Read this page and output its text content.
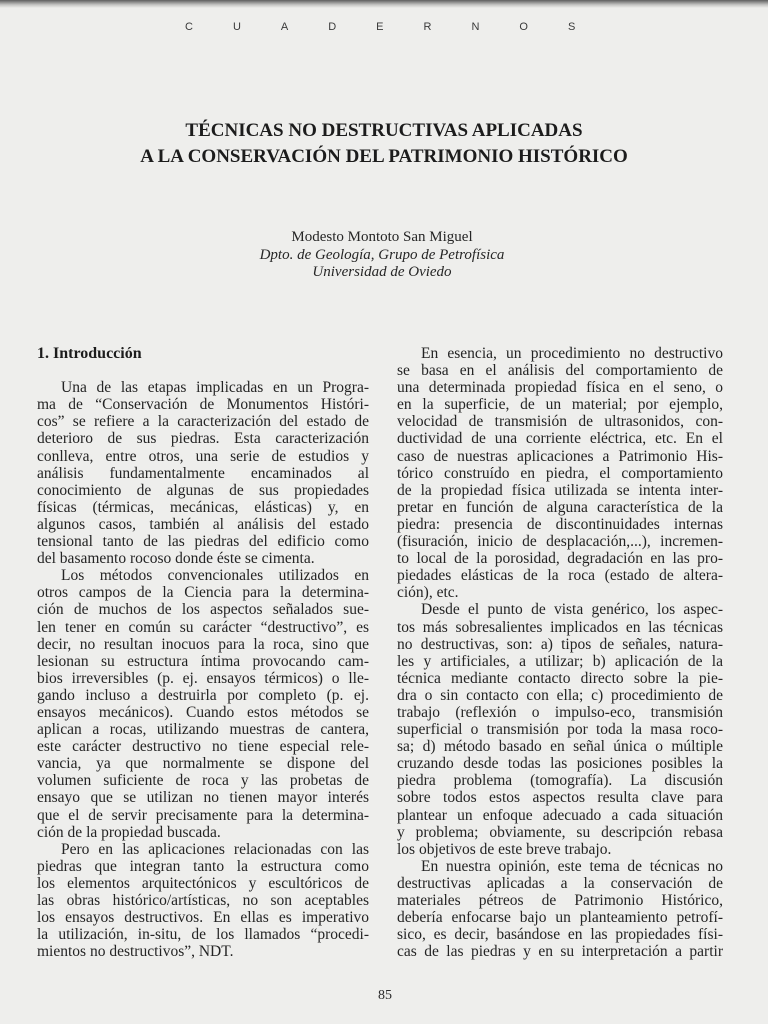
CUADERNOS
TÉCNICAS NO DESTRUCTIVAS APLICADAS
A LA CONSERVACIÓN DEL PATRIMONIO HISTÓRICO
Modesto Montoto San Miguel
Dpto. de Geología, Grupo de Petrofísica
Universidad de Oviedo
1. Introducción
Una de las etapas implicadas en un Progra-
ma de “Conservación de Monumentos Históri-
cos” se refiere a la caracterización del estado de
deterioro de sus piedras. Esta caracterización
conlleva, entre otros, una serie de estudios y
análisis fundamentalmente encaminados al
conocimiento de algunas de sus propiedades
físicas (térmicas, mecánicas, elásticas) y, en
algunos casos, también al análisis del estado
tensional tanto de las piedras del edificio como
del basamento rocoso donde éste se cimenta.
Los métodos convencionales utilizados en
otros campos de la Ciencia para la determina-
ción de muchos de los aspectos señalados sue-
len tener en común su carácter “destructivo”, es
decir, no resultan inocuos para la roca, sino que
lesionan su estructura íntima provocando cam-
bios irreversibles (p. ej. ensayos térmicos) o lle-
gando incluso a destruirla por completo (p. ej.
ensayos mecánicos). Cuando estos métodos se
aplican a rocas, utilizando muestras de cantera,
este carácter destructivo no tiene especial rele-
vancia, ya que normalmente se dispone del
volumen suficiente de roca y las probetas de
ensayo que se utilizan no tienen mayor interés
que el de servir precisamente para la determina-
ción de la propiedad buscada.
Pero en las aplicaciones relacionadas con las
piedras que integran tanto la estructura como
los elementos arquitectónicos y escultóricos de
las obras histórico/artísticas, no son aceptables
los ensayos destructivos. En ellas es imperativo
la utilización, in-situ, de los llamados “procedi-
mientos no destructivos”, NDT.
En esencia, un procedimiento no destructivo
se basa en el análisis del comportamiento de
una determinada propiedad física en el seno, o
en la superficie, de un material; por ejemplo,
velocidad de transmisión de ultrasonidos, con-
ductividad de una corriente eléctrica, etc. En el
caso de nuestras aplicaciones a Patrimonio His-
tórico construído en piedra, el comportamiento
de la propiedad física utilizada se intenta inter-
pretar en función de alguna característica de la
piedra: presencia de discontinuidades internas
(fisuración, inicio de desplacación,...), incremen-
to local de la porosidad, degradación en las pro-
piedades elásticas de la roca (estado de altera-
ción), etc.
Desde el punto de vista genérico, los aspec-
tos más sobresalientes implicados en las técnicas
no destructivas, son: a) tipos de señales, natura-
les y artificiales, a utilizar; b) aplicación de la
técnica mediante contacto directo sobre la pie-
dra o sin contacto con ella; c) procedimiento de
trabajo (reflexión o impulso-eco, transmisión
superficial o transmisión por toda la masa roco-
sa; d) método basado en señal única o múltiple
cruzando desde todas las posiciones posibles la
piedra problema (tomografía). La discusión
sobre todos estos aspectos resulta clave para
plantear un enfoque adecuado a cada situación
y problema; obviamente, su descripción rebasa
los objetivos de este breve trabajo.
En nuestra opinión, este tema de técnicas no
destructivas aplicadas a la conservación de
materiales pétreos de Patrimonio Histórico,
debería enfocarse bajo un planteamiento petrofí-
sico, es decir, basándose en las propiedades físi-
cas de las piedras y en su interpretación a partir
85
